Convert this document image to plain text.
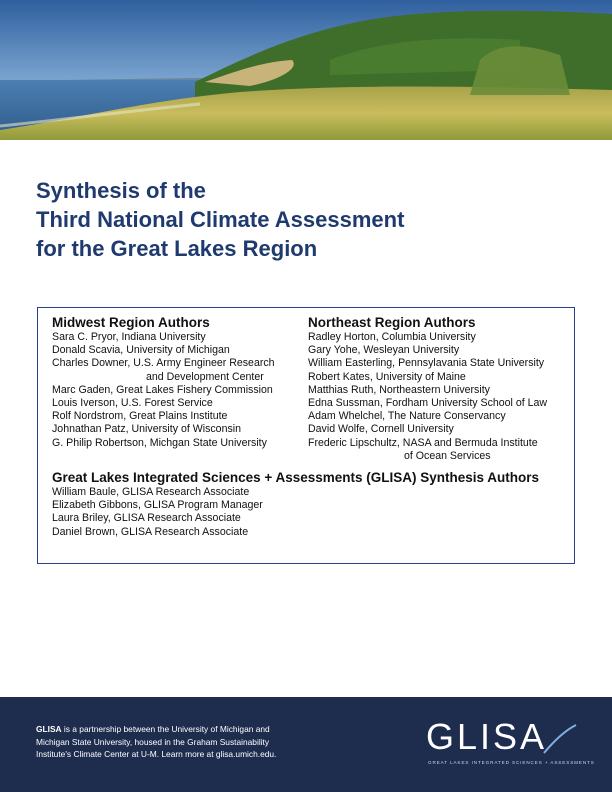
Synthesis of the
Third National Climate Assessment
for the Great Lakes Region

Midwest Region Authors

Sara C. Pryor, Indiana University
Donald Scavia, University of Michigan
Charles Downer, U.S. Army Engineer Research
and Development Center
Marc Gaden, Great Lakes Fishery Commission
Louis Iverson, U.S. Forest Service
Rolf Nordstrom, Great Plains Institute
Johnathan Patz, University of Wisconsin
G. Philip Robertson, Michgan State University

Northeast Region Authors

Radley Horton, Columbia University
Gary Yohe, Wesleyan University
William Easterling, Pennsylavania State University
Robert Kates, University of Maine
Matthias Ruth, Northeastern University
Edna Sussman, Fordham University School of Law
Adam Whelchel, The Nature Conservancy
David Wolfe, Cornell University
Frederic Lipschultz, NASA and Bermuda Institute
of Ocean Services

Great Lakes Integrated Sciences + Assessments (GLISA) Synthesis Authors

William Baule, GLISA Research Associate
Elizabeth Gibbons, GLISA Program Manager
Laura Briley, GLISA Research Associate
Daniel Brown, GLISA Research Associate
GLISA is a partnership between the University of Michigan and Michigan State University, housed in the Graham Sustainability Institute's Climate Center at U-M. Learn more at glisa.umich.edu.	GLISA
GREAT LAKES INTEGRATED SCIENCES + ASSESSMENTS
